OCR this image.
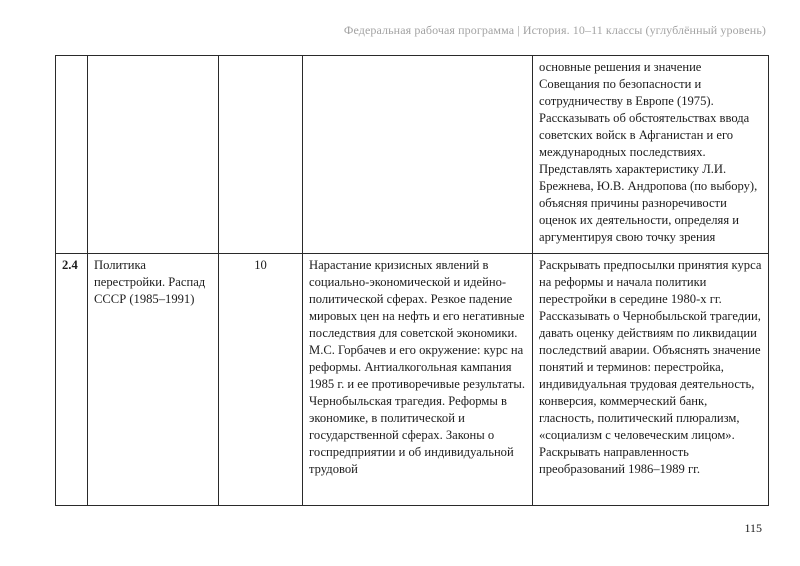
Федеральная рабочая программа | История. 10–11 классы (углублённый уровень)
				основные решения и значение Совещания по безопасности и сотрудничеству в Европе (1975). Рассказывать об обстоятельствах ввода советских войск в Афганистан и его международных последствиях. Представлять характеристику Л.И. Брежнева, Ю.В. Андропова (по выбору), объясняя причины разноречивости оценок их деятельности, определяя и аргументируя свою точку зрения
2.4	Политика перестройки. Распад СССР (1985–1991)	10	Нарастание кризисных явлений в социально-экономической и идейно-политической сферах. Резкое падение мировых цен на нефть и его негативные последствия для советской экономики. М.С. Горбачев и его окружение: курс на реформы. Антиалкогольная кампания 1985 г. и ее противоречивые результаты. Чернобыльская трагедия. Реформы в экономике, в политической и государственной сферах. Законы о госпредприятии и об индивидуальной трудовой	Раскрывать предпосылки принятия курса на реформы и начала политики перестройки в середине 1980-х гг. Рассказывать о Чернобыльской трагедии, давать оценку действиям по ликвидации последствий аварии. Объяснять значение понятий и терминов: перестройка, индивидуальная трудовая деятельность, конверсия, коммерческий банк, гласность, политический плюрализм, «социализм с человеческим лицом». Раскрывать направленность преобразований 1986–1989 гг.
115
